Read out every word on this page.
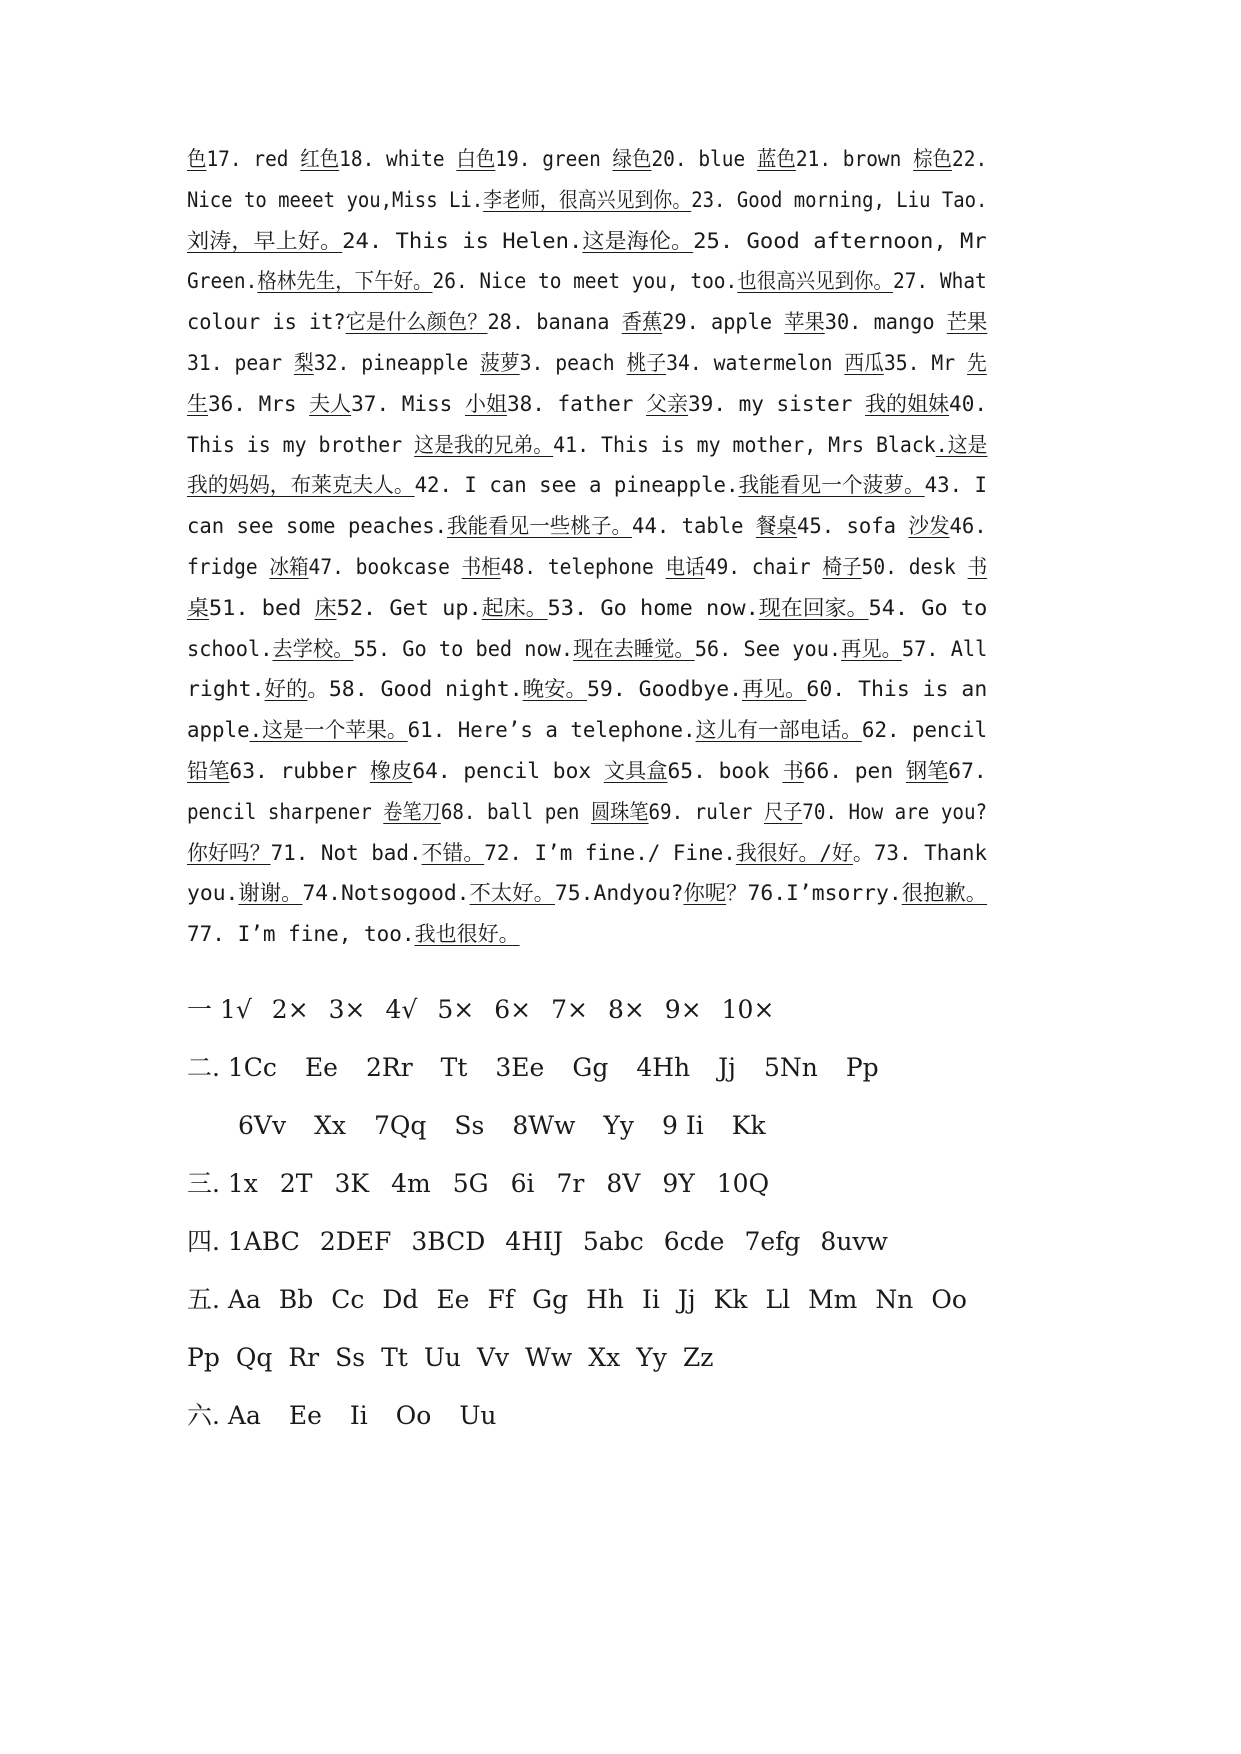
色17. red 红色18. white 白色19. green 绿色20. blue 蓝色21. brown 棕色22.
Nice to meeet you,Miss Li.李老师，很高兴见到你。23. Good morning, Liu Tao.
刘涛，早上好。24. This is Helen.这是海伦。25. Good afternoon, Mr
Green.格林先生，下午好。26. Nice to meet you, too.也很高兴见到你。27. What
colour is it?它是什么颜色？28. banana 香蕉29. apple 苹果30. mango 芒果
31. pear 梨32. pineapple 菠萝3. peach 桃子34. watermelon 西瓜35. Mr 先
生36. Mrs 夫人37. Miss 小姐38. father 父亲39. my sister 我的姐妹40.
This is my brother 这是我的兄弟。41. This is my mother, Mrs Black.这是
我的妈妈，布莱克夫人。42. I can see a pineapple.我能看见一个菠萝。43. I
can see some peaches.我能看见一些桃子。44. table 餐桌45. sofa 沙发46.
fridge 冰箱47. bookcase 书柜48. telephone 电话49. chair 椅子50. desk 书
桌51. bed 床52. Get up.起床。53. Go home now.现在回家。54. Go to
school.去学校。55. Go to bed now.现在去睡觉。56. See you.再见。57. All
right.好的。58. Good night.晚安。59. Goodbye.再见。60. This is an
apple.这是一个苹果。61. Here’s a telephone.这儿有一部电话。62. pencil
铅笔63. rubber 橡皮64. pencil box 文具盒65. book 书66. pen 钢笔67.
pencil sharpener 卷笔刀68. ball pen 圆珠笔69. ruler 尺子70. How are you?
你好吗？71. Not bad.不错。72. I’m fine./ Fine.我很好。/好。73. Thank
you.谢谢。74.Notsogood.不太好。75.Andyou?你呢？76.I’msorry.很抱歉。
77. I’m fine, too.我也很好。
一 1√ 2× 3× 4√ 5× 6× 7× 8× 9× 10×
二. 1Cc Ee 2Rr Tt 3Ee Gg 4Hh Jj 5Nn Pp
6Vv Xx 7Qq Ss 8Ww Yy 9 Ii Kk
三. 1x 2T 3K 4m 5G 6i 7r 8V 9Y 10Q
四. 1ABC 2DEF 3BCD 4HIJ 5abc 6cde 7efg 8uvw
五. Aa Bb Cc Dd Ee Ff Gg Hh Ii Jj Kk Ll Mm Nn Oo
Pp Qq Rr Ss Tt Uu Vv Ww Xx Yy Zz
六. Aa Ee Ii Oo Uu
